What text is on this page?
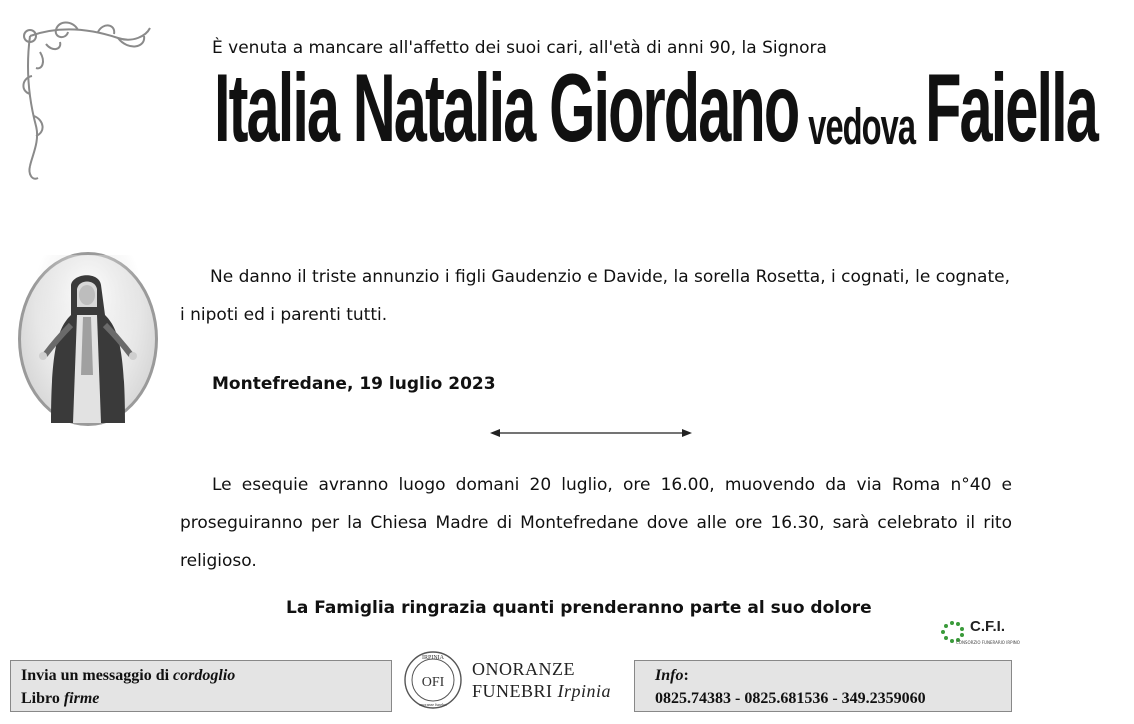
È venuta a mancare all'affetto dei suoi cari, all'età di anni 90, la Signora
Italia Natalia Giordano vedova Faiella
Ne danno il triste annunzio i figli Gaudenzio e Davide, la sorella Rosetta, i cognati, le cognate, i nipoti ed i parenti tutti.
Montefredane, 19 luglio 2023
Le esequie avranno luogo domani 20 luglio, ore 16.00, muovendo da via Roma n°40 e proseguiranno per la Chiesa Madre di Montefredane dove alle ore 16.30, sarà celebrato il rito religioso.
La Famiglia ringrazia quanti prenderanno parte al suo dolore
C.F.I.
CONSORZIO FUNERARIO IRPINO
Invia un messaggio di cordoglio
Libro firme
IRPINIA
OFI
onoranze funebri
ONORANZE
FUNEBRI Irpinia
Info:
0825.74383 - 0825.681536 - 349.2359060
